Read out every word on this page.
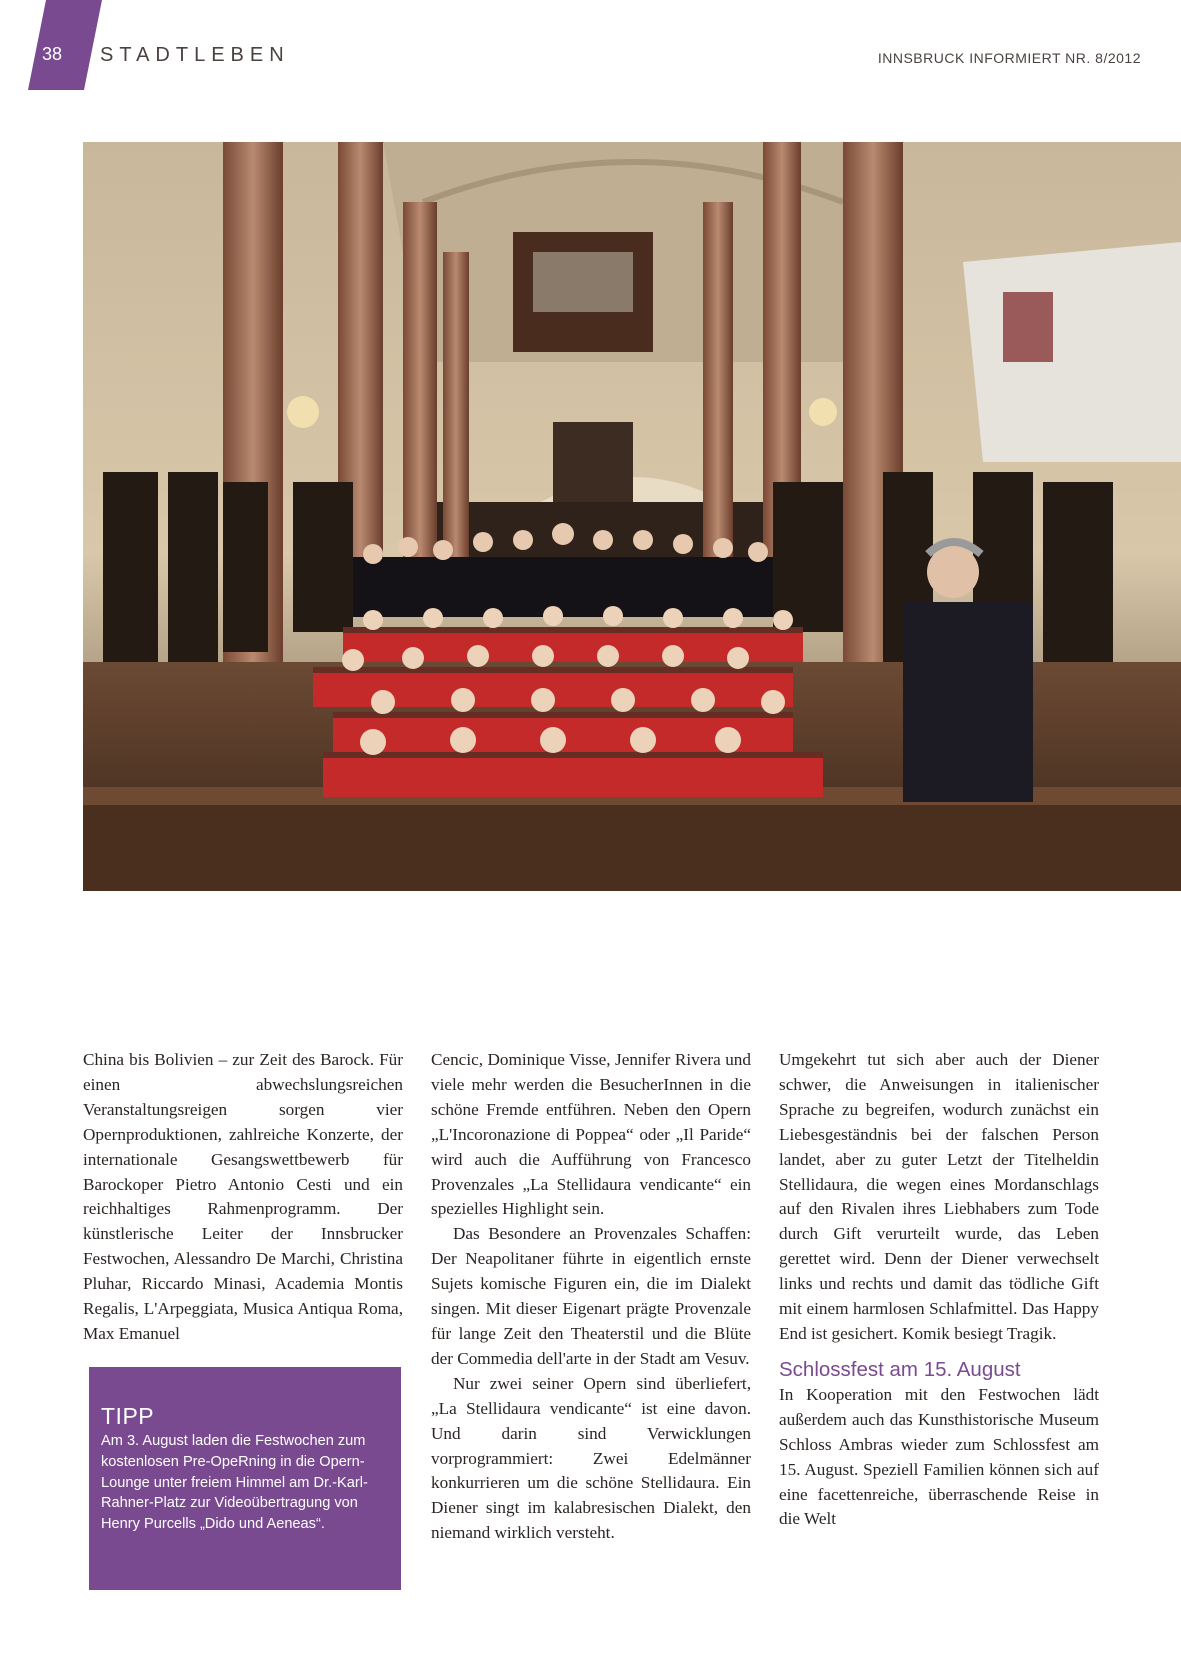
38	STADTLEBEN	INNSBRUCK INFORMIERT NR. 8/2012

China bis Bolivien – zur Zeit des Barock. Für einen abwechslungsreichen Veranstaltungsreigen sorgen vier Opernproduktionen, zahlreiche Konzerte, der internationale Gesangswettbewerb für Barockoper Pietro Antonio Cesti und ein reichhaltiges Rahmenprogramm. Der künstlerische Leiter der Innsbrucker Festwochen, Alessandro De Marchi, Christina Pluhar, Riccardo Minasi, Academia Montis Regalis, L'Arpeggiata, Musica Antiqua Roma, Max Emanuel

TIPP
Am 3. August laden die Festwochen zum kostenlosen Pre-OpeRning in die Opern-Lounge unter freiem Himmel am Dr.-Karl-Rahner-Platz zur Videoübertragung von Henry Purcells „Dido und Aeneas“.

Cencic, Dominique Visse, Jennifer Rivera und viele mehr werden die BesucherInnen in die schöne Fremde entführen. Neben den Opern „L'Incoronazione di Poppea“ oder „Il Paride“ wird auch die Aufführung von Francesco Provenzales „La Stellidaura vendicante“ ein spezielles Highlight sein.

Das Besondere an Provenzales Schaffen: Der Neapolitaner führte in eigentlich ernste Sujets komische Figuren ein, die im Dialekt singen. Mit dieser Eigenart prägte Provenzale für lange Zeit den Theaterstil und die Blüte der Commedia dell'arte in der Stadt am Vesuv.

Nur zwei seiner Opern sind überliefert, „La Stellidaura vendicante“ ist eine davon. Und darin sind Verwicklungen vorprogrammiert: Zwei Edelmänner konkurrieren um die schöne Stellidaura. Ein Diener singt im kalabresischen Dialekt, den niemand wirklich versteht.

Umgekehrt tut sich aber auch der Diener schwer, die Anweisungen in italienischer Sprache zu begreifen, wodurch zunächst ein Liebesgeständnis bei der falschen Person landet, aber zu guter Letzt der Titelheldin Stellidaura, die wegen eines Mordanschlags auf den Rivalen ihres Liebhabers zum Tode durch Gift verurteilt wurde, das Leben gerettet wird. Denn der Diener verwechselt links und rechts und damit das tödliche Gift mit einem harmlosen Schlafmittel. Das Happy End ist gesichert. Komik besiegt Tragik.

Schlossfest am 15. August

In Kooperation mit den Festwochen lädt außerdem auch das Kunsthistorische Museum Schloss Ambras wieder zum Schlossfest am 15. August. Speziell Familien können sich auf eine facettenreiche, überraschende Reise in die Welt
